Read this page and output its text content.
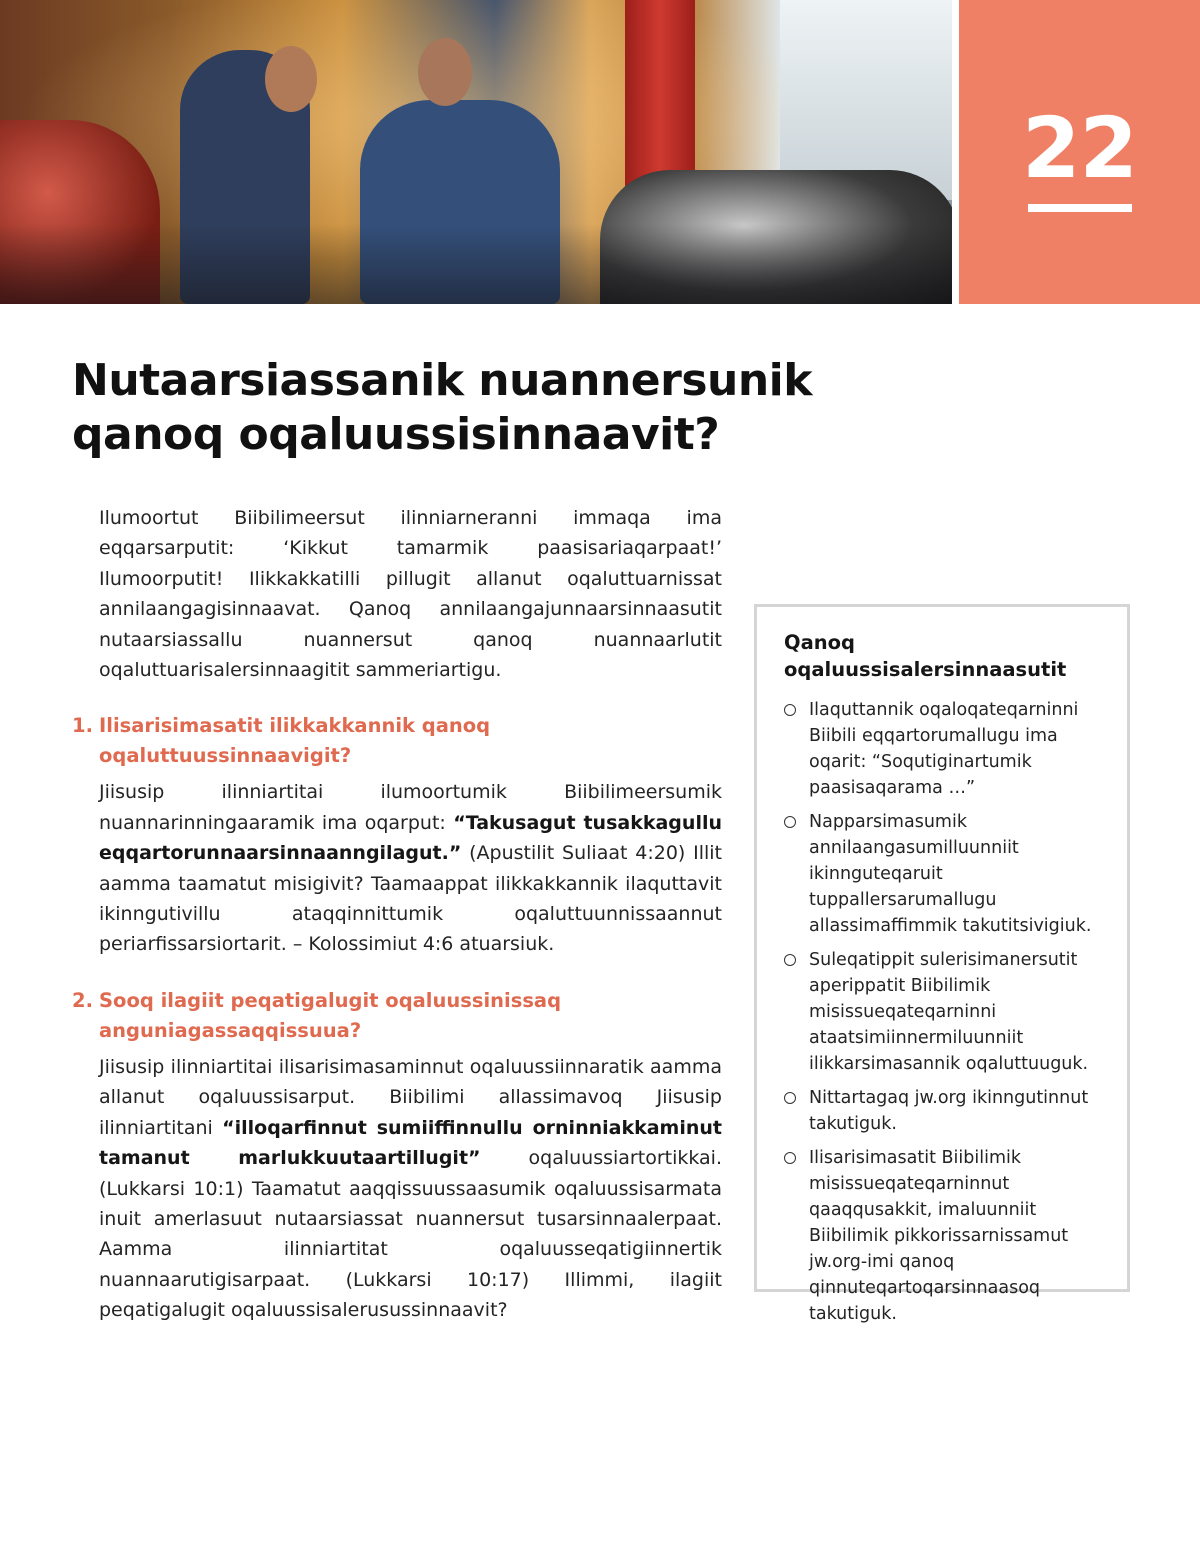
22
Nutaarsiassanik nuannersunik qanoq oqaluussisinnaavit?

Ilumoortut Biibilimeersut ilinniarneranni immaqa ima eqqarsarputit: ‘Kikkut tamarmik paasisariaqarpaat!’ Ilumoorputit! Ilikkakkatilli pillugit allanut oqaluttuarnissat annilaangagisinnaavat. Qanoq annilaangajunnaarsinnaasutit nutaarsiassallu nuannersut qanoq nuannaarlutit oqaluttuarisalersinnaagitit sammeriartigu.

1. Ilisarisimasatit ilikkakkannik qanoq oqaluttuussinnaavigit?

Jiisusip ilinniartitai ilumoortumik Biibilimeersumik nuannarinningaaramik ima oqarput: “Takusagut tusakkagullu eqqartorunnaarsinnaanngilagut.” (Apustilit Suliaat 4:20) Illit aamma taamatut misigivit? Taamaappat ilikkakkannik ilaquttavit ikinngutivillu ataqqinnittumik oqaluttuunnissaannut periarfissarsiortarit. – Kolossimiut 4:6 atuarsiuk.

2. Sooq ilagiit peqatigalugit oqaluussinissaq anguniagassaqqissuua?

Jiisusip ilinniartitai ilisarisimasaminnut oqaluussiinnaratik aamma allanut oqaluussisarput. Biibilimi allassimavoq Jiisusip ilinniartitani “illoqarfinnut sumiiffinnullu orninniakkaminut tamanut marlukkuutaartillugit” oqaluussiartortikkai. (Lukkarsi 10:1) Taamatut aaqqissuussaasumik oqaluussisarmata inuit amerlasuut nutaarsiassat nuannersut tusarsinnaalerpaat. Aamma ilinniartitat oqaluusseqatigiinnertik nuannaarutigisarpaat. (Lukkarsi 10:17) Illimmi, ilagiit peqatigalugit oqaluussisalerusussinnaavit?

Qanoq oqaluussisalersinnaasutit
Ilaquttannik oqaloqateqarninni Biibili eqqartorumallugu ima oqarit: “Soqutiginartumik paasisaqarama …”
Napparsimasumik annilaangasumilluunniit ikinnguteqaruit tuppallersarumallugu allassimaffimmik takutitsivigiuk.
Suleqatippit sulerisimanersutit aperippatit Biibilimik misissueqateqarninni ataatsimiinnermiluunniit ilikkarsimasannik oqaluttuuguk.
Nittartagaq jw.org ikinngutinnut takutiguk.
Ilisarisimasatit Biibilimik misissueqateqarninnut qaaqqusakkit, imaluunniit Biibilimik pikkorissarnissamut jw.org-imi qanoq qinnuteqartoqarsinnaasoq takutiguk.
